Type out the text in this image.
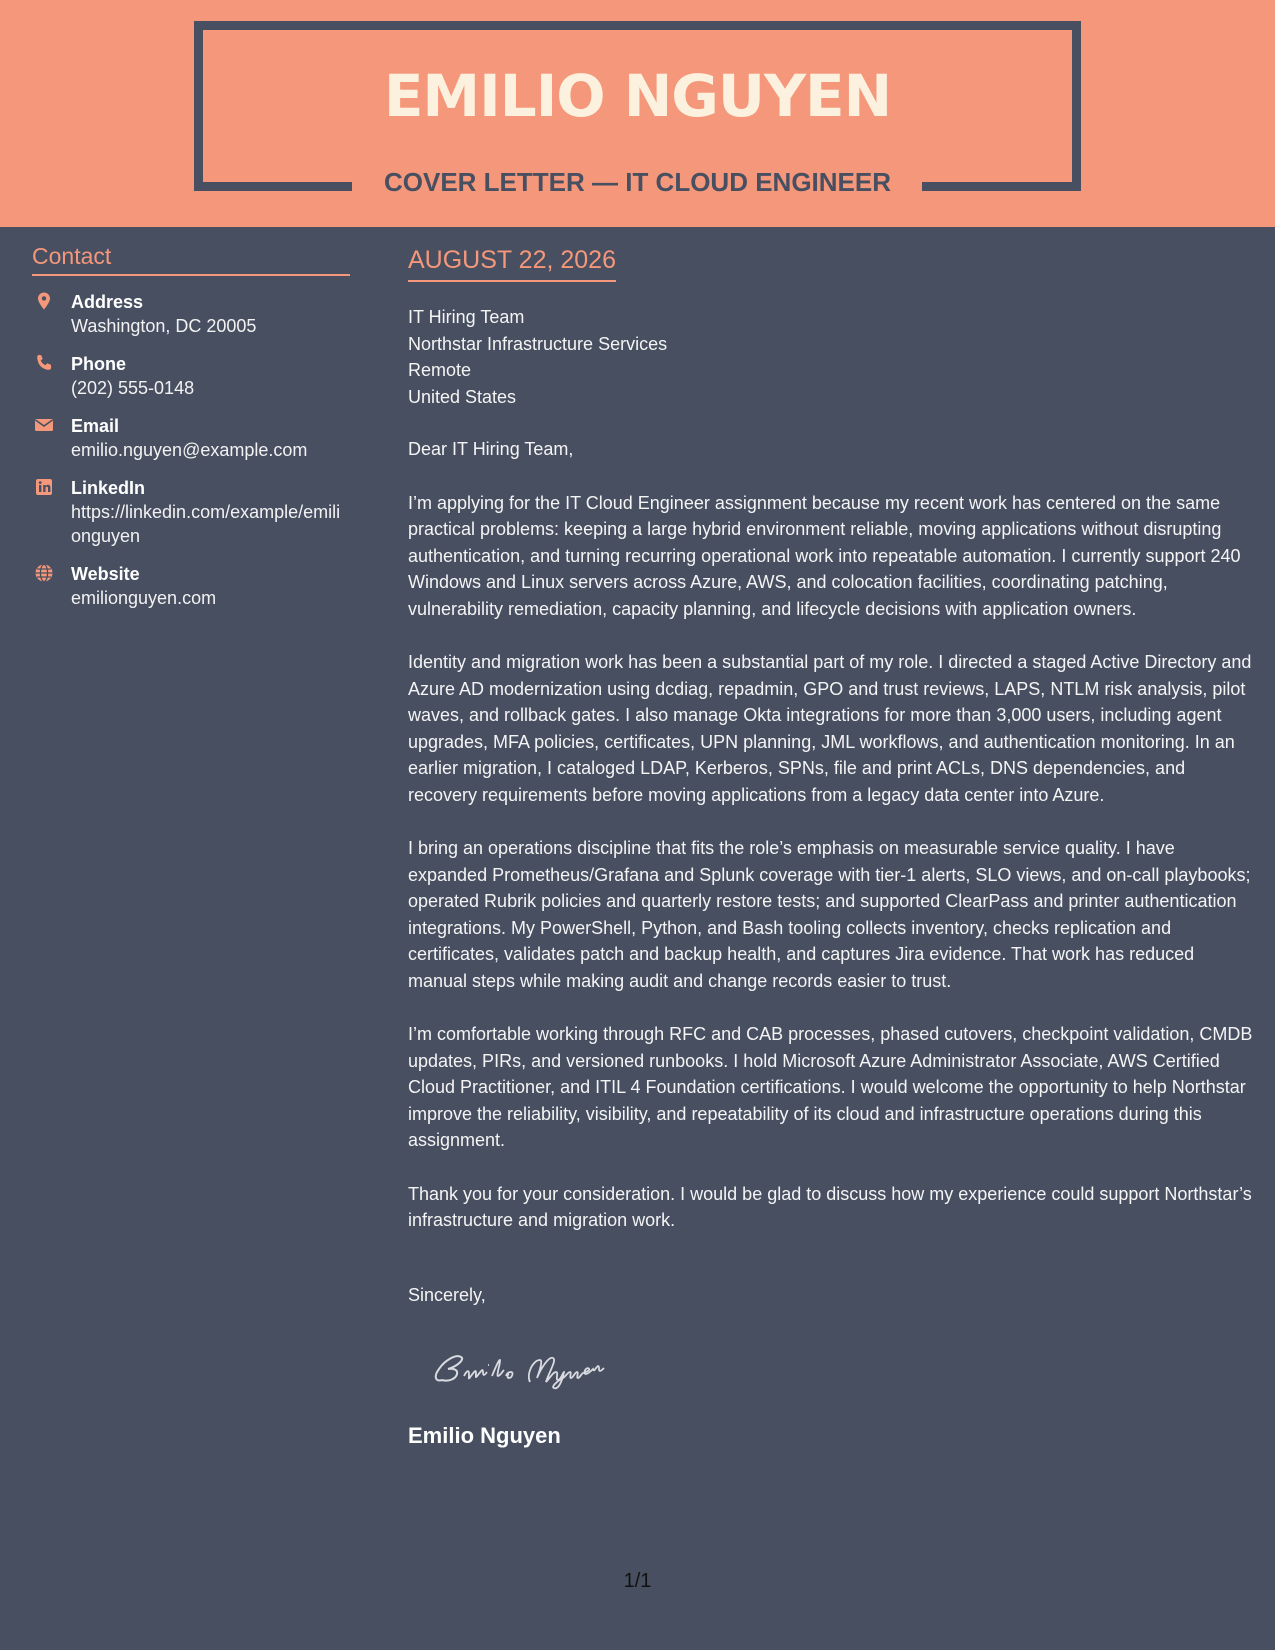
EMILIO NGUYEN
COVER LETTER — IT CLOUD ENGINEER
Contact
Address
Washington, DC 20005
Phone
(202) 555-0148
Email
emilio.nguyen@example.com
LinkedIn
https://linkedin.com/example/emilionguyen
Website
emilionguyen.com
AUGUST 22, 2026
IT Hiring Team
Northstar Infrastructure Services
Remote
United States
Dear IT Hiring Team,
I’m applying for the IT Cloud Engineer assignment because my recent work has centered on the same practical problems: keeping a large hybrid environment reliable, moving applications without disrupting authentication, and turning recurring operational work into repeatable automation. I currently support 240 Windows and Linux servers across Azure, AWS, and colocation facilities, coordinating patching, vulnerability remediation, capacity planning, and lifecycle decisions with application owners.
Identity and migration work has been a substantial part of my role. I directed a staged Active Directory and Azure AD modernization using dcdiag, repadmin, GPO and trust reviews, LAPS, NTLM risk analysis, pilot waves, and rollback gates. I also manage Okta integrations for more than 3,000 users, including agent upgrades, MFA policies, certificates, UPN planning, JML workflows, and authentication monitoring. In an earlier migration, I cataloged LDAP, Kerberos, SPNs, file and print ACLs, DNS dependencies, and recovery requirements before moving applications from a legacy data center into Azure.
I bring an operations discipline that fits the role’s emphasis on measurable service quality. I have expanded Prometheus/Grafana and Splunk coverage with tier-1 alerts, SLO views, and on-call playbooks; operated Rubrik policies and quarterly restore tests; and supported ClearPass and printer authentication integrations. My PowerShell, Python, and Bash tooling collects inventory, checks replication and certificates, validates patch and backup health, and captures Jira evidence. That work has reduced manual steps while making audit and change records easier to trust.
I’m comfortable working through RFC and CAB processes, phased cutovers, checkpoint validation, CMDB updates, PIRs, and versioned runbooks. I hold Microsoft Azure Administrator Associate, AWS Certified Cloud Practitioner, and ITIL 4 Foundation certifications. I would welcome the opportunity to help Northstar improve the reliability, visibility, and repeatability of its cloud and infrastructure operations during this assignment.
Thank you for your consideration. I would be glad to discuss how my experience could support Northstar’s infrastructure and migration work.
Sincerely,
Emilio Nguyen
1/1
